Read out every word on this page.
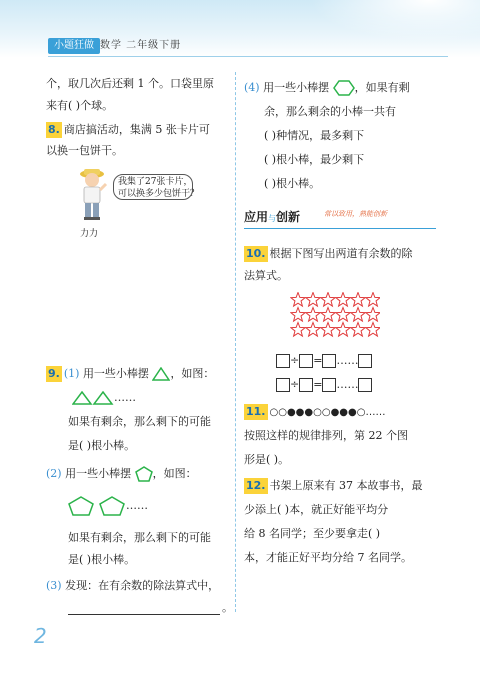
小题狂做 数学 二年级下册
个，取几次后还剩 1 个。口袋里原
来有( )个球。
8. 商店搞活动，集满 5 张卡片可
以换一包饼干。
力力
我集了27张卡片，
可以换多少包饼干？
9. (1) 用一些小棒摆 ，如图：
……
如果有剩余，那么剩下的可能
是( )根小棒。
(2) 用一些小棒摆 ，如图：
……
如果有剩余，那么剩下的可能
是( )根小棒。
(3) 发现：在有余数的除法算式中，
。
(4) 用一些小棒摆 ，如果有剩
余，那么剩余的小棒一共有
( )种情况，最多剩下
( )根小棒，最少剩下
( )根小棒。
应用与创新	常以致用，熟能创新
10. 根据下图写出两道有余数的除
法算式。
÷ = ……
÷ = ……
11. ○○●●●○○●●●○……
按照这样的规律排列，第 22 个图
形是( )。
12. 书架上原来有 37 本故事书，最
少添上( )本，就正好能平均分
给 8 名同学；至少要拿走( )
本，才能正好平均分给 7 名同学。
2
